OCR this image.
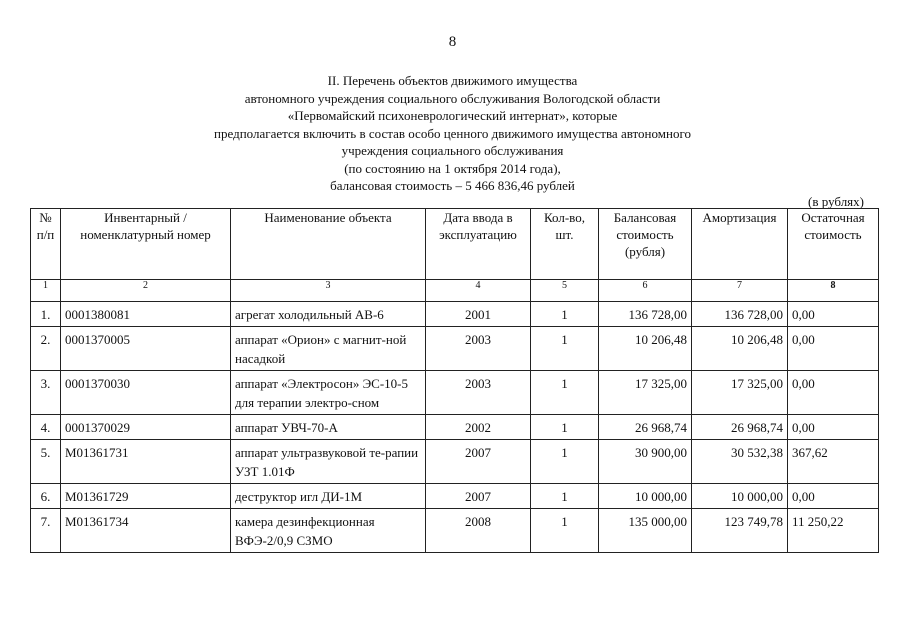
8
II. Перечень объектов движимого имущества
автономного учреждения социального обслуживания Вологодской области
«Первомайский психоневрологический интернат», которые
предполагается включить в состав особо ценного движимого имущества автономного
учреждения социального обслуживания
(по состоянию на 1 октября 2014 года),
балансовая стоимость – 5 466 836,46 рублей
(в рублях)
№ п/п	Инвентарный /номенклатурный номер	Наименование объекта	Дата ввода в эксплуатацию	Кол-во, шт.	Балансовая стоимость (рубля)	Амортизация	Остаточная стоимость
1	2	3	4	5	6	7	8
1.	0001380081	агрегат холодильный АВ-6	2001	1	136 728,00	136 728,00	0,00
2.	0001370005	аппарат «Орион» с магнит-ной насадкой	2003	1	10 206,48	10 206,48	0,00
3.	0001370030	аппарат «Электросон» ЭС-10-5 для терапии электро-сном	2003	1	17 325,00	17 325,00	0,00
4.	0001370029	аппарат УВЧ-70-А	2002	1	26 968,74	26 968,74	0,00
5.	М01361731	аппарат ультразвуковой те-рапии УЗТ 1.01Ф	2007	1	30 900,00	30 532,38	367,62
6.	М01361729	деструктор игл ДИ-1М	2007	1	10 000,00	10 000,00	0,00
7.	М01361734	камера дезинфекционная ВФЭ-2/0,9 СЗМО	2008	1	135 000,00	123 749,78	11 250,22
